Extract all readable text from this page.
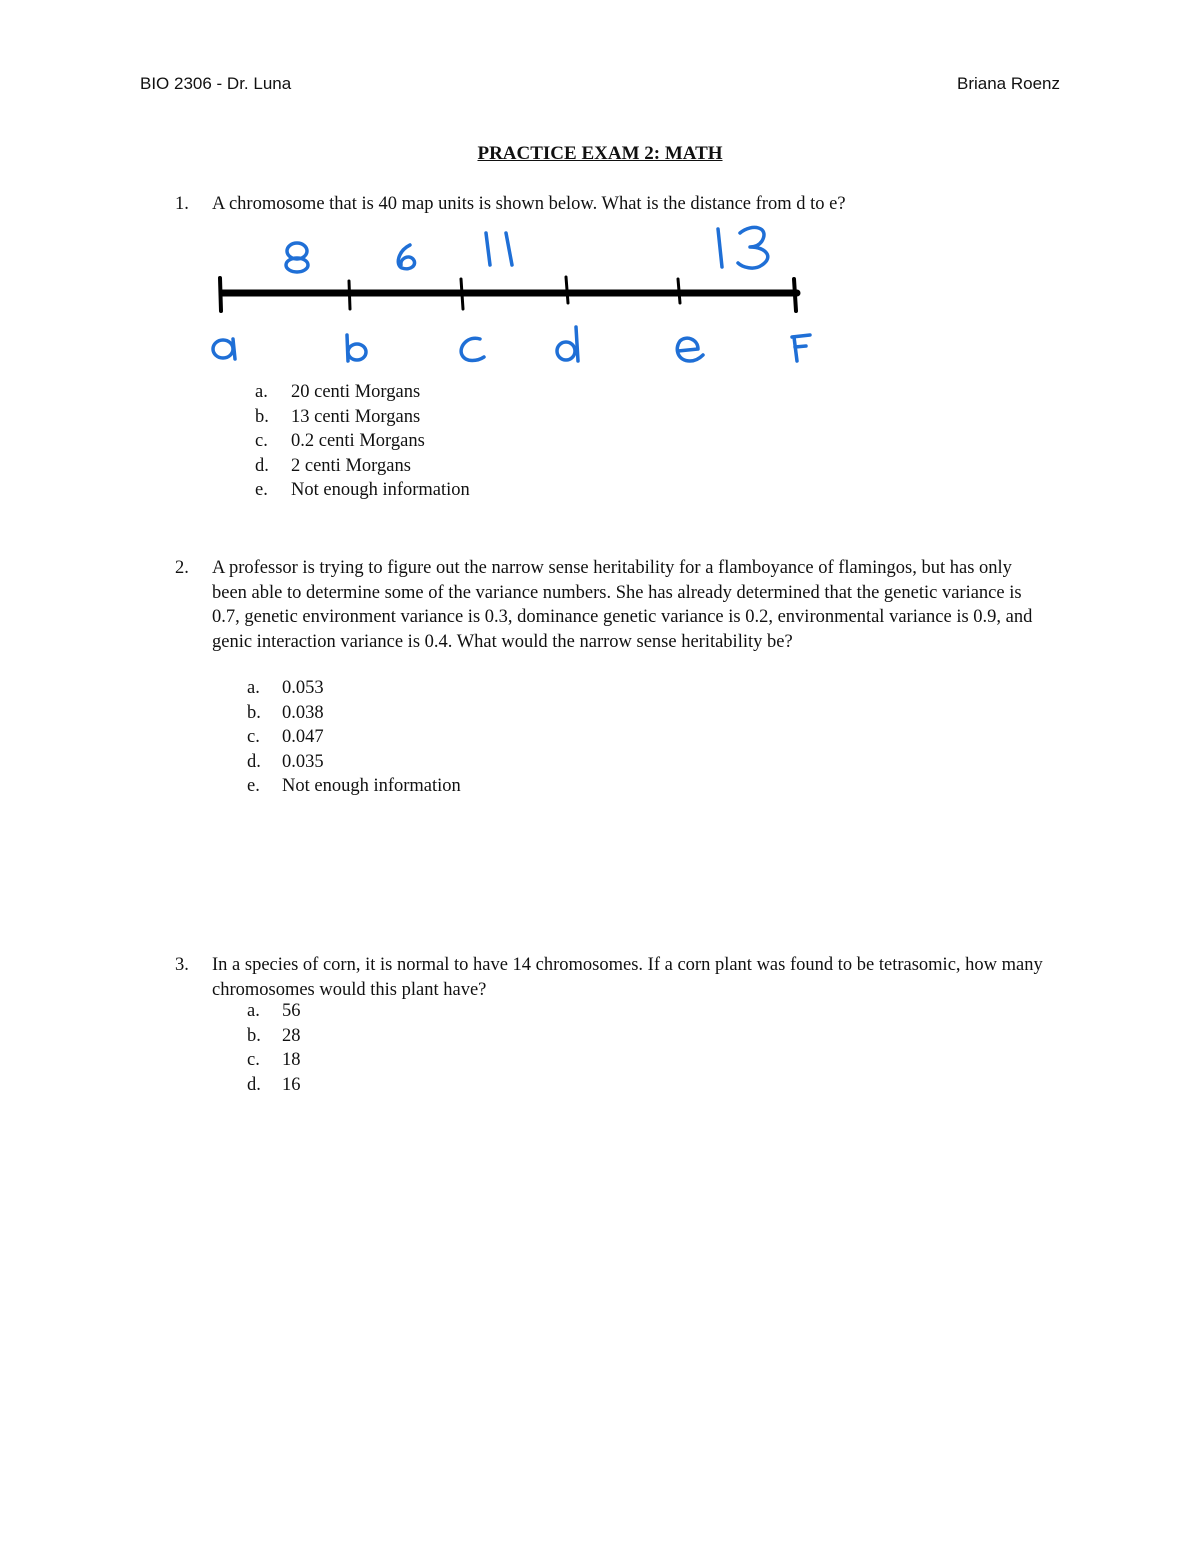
BIO 2306 - Dr. Luna	Briana Roenz
PRACTICE EXAM 2: MATH
1. A chromosome that is 40 map units is shown below. What is the distance from d to e?
a. 20 centi Morgans
b. 13 centi Morgans
c. 0.2 centi Morgans
d. 2 centi Morgans
e. Not enough information
2. A professor is trying to figure out the narrow sense heritability for a flamboyance of flamingos, but has only been able to determine some of the variance numbers. She has already determined that the genetic variance is 0.7, genetic environment variance is 0.3, dominance genetic variance is 0.2, environmental variance is 0.9, and genic interaction variance is 0.4. What would the narrow sense heritability be?
a. 0.053
b. 0.038
c. 0.047
d. 0.035
e. Not enough information
3. In a species of corn, it is normal to have 14 chromosomes. If a corn plant was found to be tetrasomic, how many chromosomes would this plant have?
a. 56
b. 28
c. 18
d. 16
